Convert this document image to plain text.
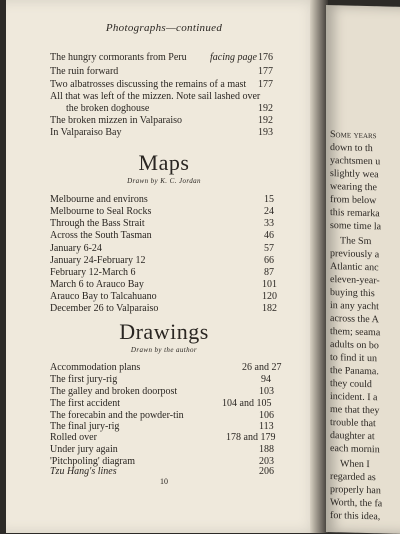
Photographs—continued
The hungry cormorants from Peru facing page 176
The ruin forward	177
Two albatrosses discussing the remains of a mast 177
All that was left of the mizzen. Note sail lashed over
the broken doghouse	192
The broken mizzen in Valparaiso	192
In Valparaiso Bay	193
Maps
Drawn by K. C. Jordan
Melbourne and environs	15
Melbourne to Seal Rocks	24
Through the Bass Strait	33
Across the South Tasman	46
January 6-24	57
January 24-February 12	66
February 12-March 6	87
March 6 to Arauco Bay	101
Arauco Bay to Talcahuano	120
December 26 to Valparaiso	182
Drawings
Drawn by the author
Accommodation plans	26 and 27
The first jury-rig	94
The galley and broken doorpost	103
The first accident	104 and 105
The forecabin and the powder-tin	106
The final jury-rig	113
Rolled over	178 and 179
Under jury again	188
'Pitchpoling' diagram	203
Tzu Hang's lines	206
10
Some years
down to th
yachtsmen u
slightly wea
wearing the
from below
this remarka
some time la
The Sm
previously a
Atlantic anc
eleven-year-
buying this
in any yacht
across the A
them; seama
adults on bo
to find it un
the Panama.
they could
incident. I a
me that they
trouble that
daughter at
each mornin
When I
regarded as
properly han
Worth, the fa
for this idea,
